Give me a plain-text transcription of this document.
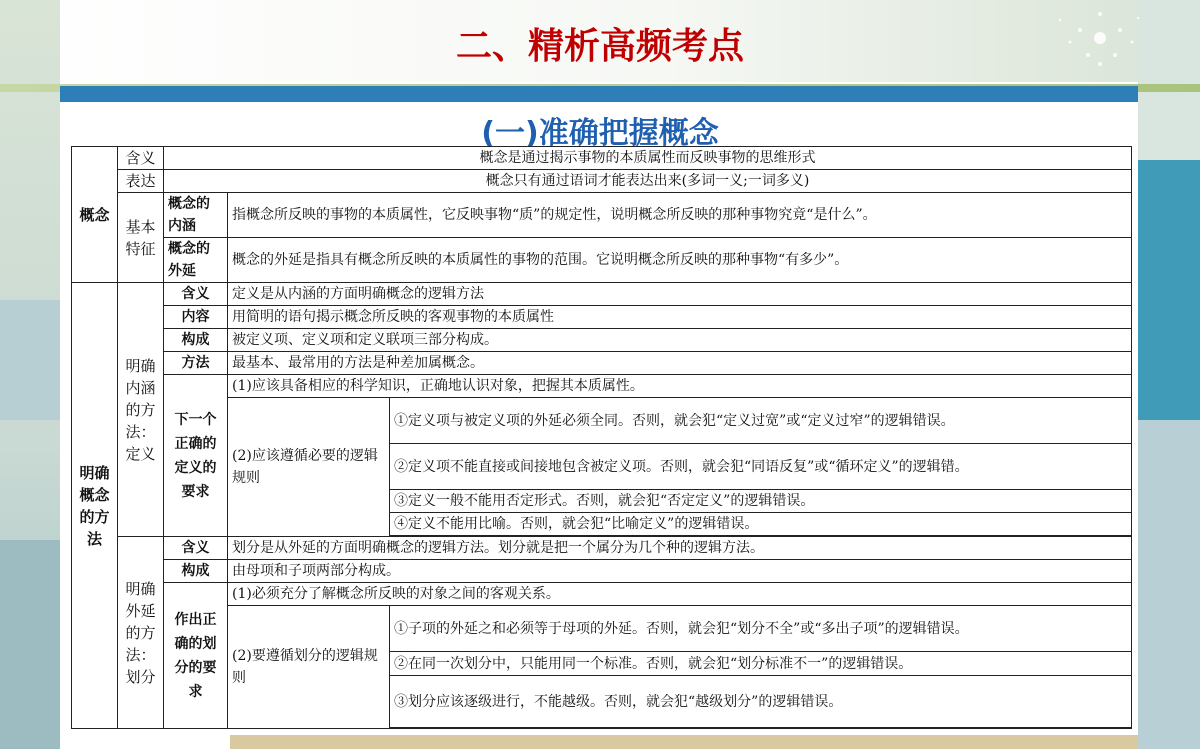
二、精析高频考点
(一)准确把握概念
概念	含义	概念是通过揭示事物的本质属性而反映事物的思维形式		
	表达	概念只有通过语词才能表达出来(多词一义;一词多义)		
	基本特征	概念的内涵	指概念所反映的事物的本质属性，它反映事物“质”的规定性，说明概念所反映的那种事物究竟“是什么”。	
		概念的外延	概念的外延是指具有概念所反映的本质属性的事物的范围。它说明概念所反映的那种事物“有多少”。	
明确概念的方法	明确内涵的方法：定义	含义	定义是从内涵的方面明确概念的逻辑方法	
		内容	用简明的语句揭示概念所反映的客观事物的本质属性	
		构成	被定义项、定义项和定义联项三部分构成。	
		方法	最基本、最常用的方法是种差加属概念。	
		下一个正确的定义的要求	(1)应该具备相应的科学知识，正确地认识对象，把握其本质属性。	
			(2)应该遵循必要的逻辑规则	①定义项与被定义项的外延必须全同。否则，就会犯“定义过宽”或“定义过窄”的逻辑错误。
				②定义项不能直接或间接地包含被定义项。否则，就会犯“同语反复”或“循环定义”的逻辑错。
				③定义一般不能用否定形式。否则，就会犯“否定定义”的逻辑错误。
				④定义不能用比喻。否则，就会犯“比喻定义”的逻辑错误。

	明确外延的方法：划分	含义	划分是从外延的方面明确概念的逻辑方法。划分就是把一个属分为几个种的逻辑方法。	
		构成	由母项和子项两部分构成。	
		作出正确的划分的要求	(1)必须充分了解概念所反映的对象之间的客观关系。	
			(2)要遵循划分的逻辑规则	①子项的外延之和必须等于母项的外延。否则，就会犯“划分不全”或“多出子项”的逻辑错误。
				②在同一次划分中，只能用同一个标准。否则，就会犯“划分标准不一”的逻辑错误。
				③划分应该逐级进行，不能越级。否则，就会犯“越级划分”的逻辑错误。
